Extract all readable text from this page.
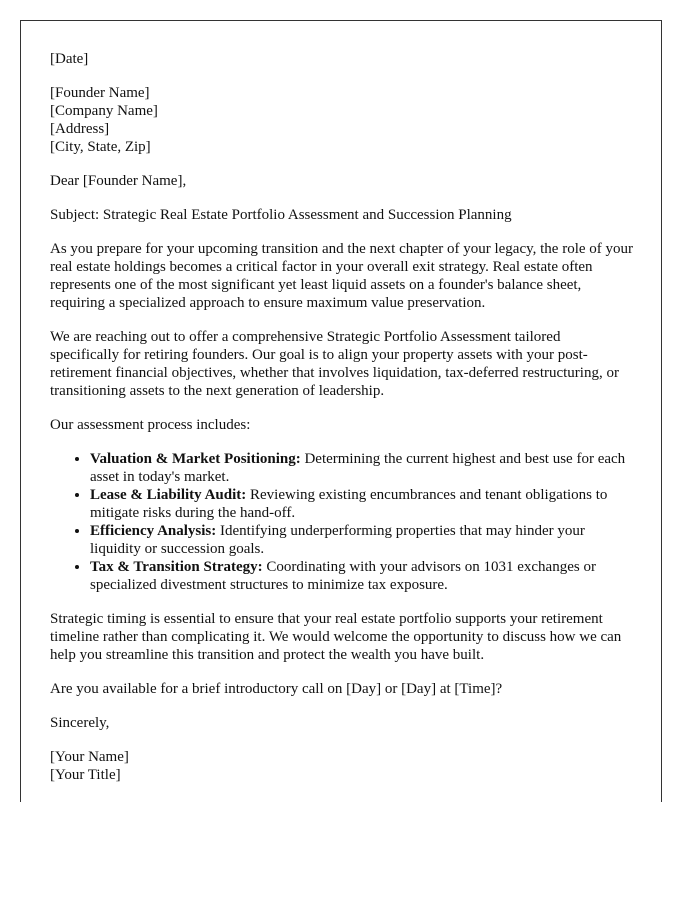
[Date]

[Founder Name]
[Company Name]
[Address]
[City, State, Zip]

Dear [Founder Name],

Subject: Strategic Real Estate Portfolio Assessment and Succession Planning

As you prepare for your upcoming transition and the next chapter of your legacy, the role of your real estate holdings becomes a critical factor in your overall exit strategy. Real estate often represents one of the most significant yet least liquid assets on a founder's balance sheet, requiring a specialized approach to ensure maximum value preservation.

We are reaching out to offer a comprehensive Strategic Portfolio Assessment tailored specifically for retiring founders. Our goal is to align your property assets with your post-retirement financial objectives, whether that involves liquidation, tax-deferred restructuring, or transitioning assets to the next generation of leadership.

Our assessment process includes:

• Valuation & Market Positioning: Determining the current highest and best use for each asset in today's market.
• Lease & Liability Audit: Reviewing existing encumbrances and tenant obligations to mitigate risks during the hand-off.
• Efficiency Analysis: Identifying underperforming properties that may hinder your liquidity or succession goals.
• Tax & Transition Strategy: Coordinating with your advisors on 1031 exchanges or specialized divestment structures to minimize tax exposure.

Strategic timing is essential to ensure that your real estate portfolio supports your retirement timeline rather than complicating it. We would welcome the opportunity to discuss how we can help you streamline this transition and protect the wealth you have built.

Are you available for a brief introductory call on [Day] or [Day] at [Time]?

Sincerely,

[Your Name]
[Your Title]
